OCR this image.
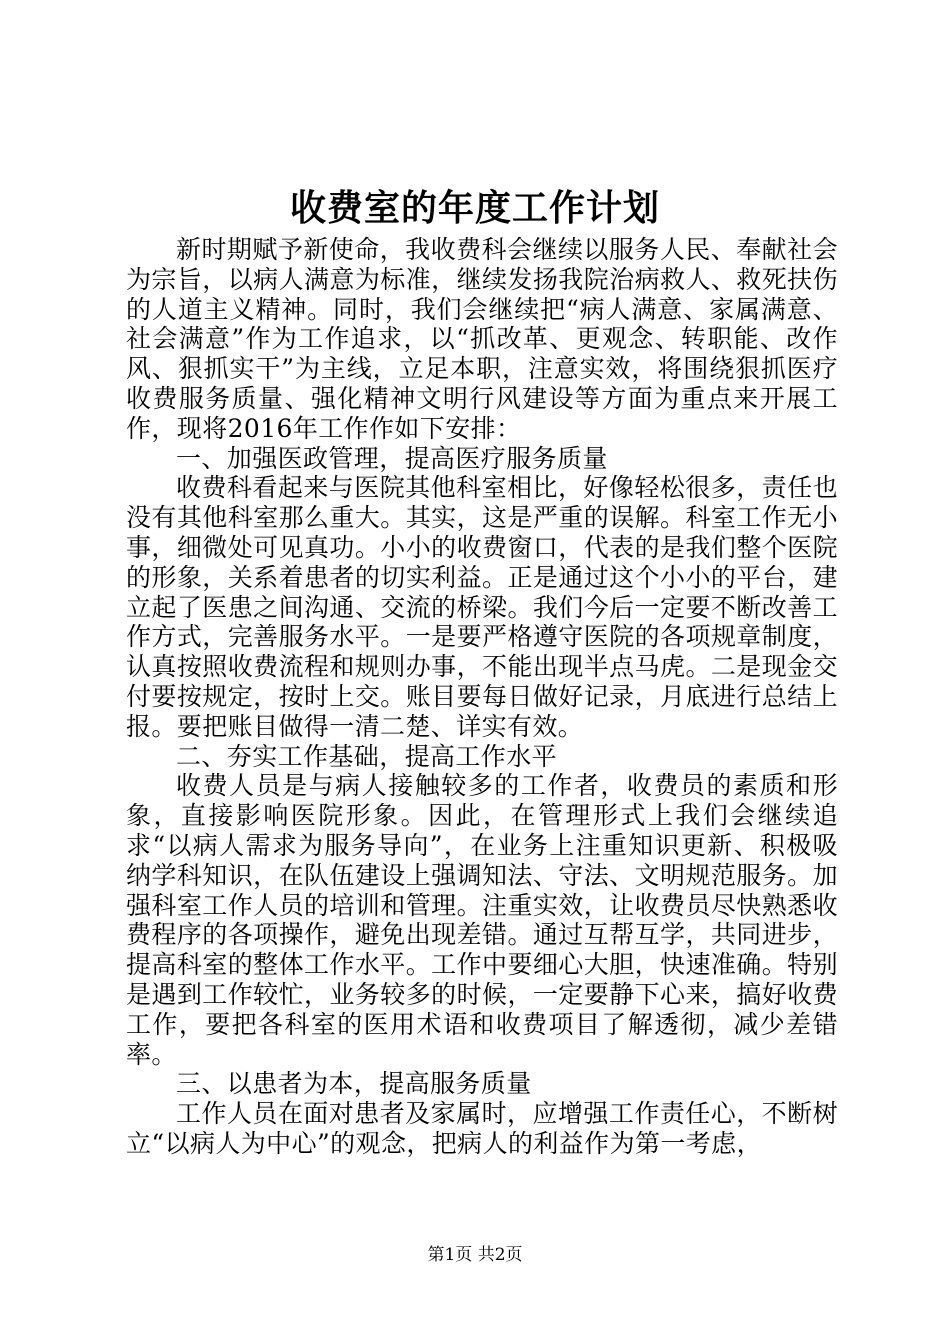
收费室的年度工作计划

新时期赋予新使命，我收费科会继续以服务人民、奉献社会为宗旨，以病人满意为标准，继续发扬我院治病救人、救死扶伤的人道主义精神。同时，我们会继续把“病人满意、家属满意、社会满意”作为工作追求，以“抓改革、更观念、转职能、改作风、狠抓实干”为主线，立足本职，注意实效，将围绕狠抓医疗收费服务质量、强化精神文明行风建设等方面为重点来开展工作，现将2016年工作作如下安排：

一、加强医政管理，提高医疗服务质量

收费科看起来与医院其他科室相比，好像轻松很多，责任也没有其他科室那么重大。其实，这是严重的误解。科室工作无小事，细微处可见真功。小小的收费窗口，代表的是我们整个医院的形象，关系着患者的切实利益。正是通过这个小小的平台，建立起了医患之间沟通、交流的桥梁。我们今后一定要不断改善工作方式，完善服务水平。一是要严格遵守医院的各项规章制度，认真按照收费流程和规则办事，不能出现半点马虎。二是现金交付要按规定，按时上交。账目要每日做好记录，月底进行总结上报。要把账目做得一清二楚、详实有效。

二、夯实工作基础，提高工作水平

收费人员是与病人接触较多的工作者，收费员的素质和形象，直接影响医院形象。因此，在管理形式上我们会继续追求“以病人需求为服务导向”，在业务上注重知识更新、积极吸纳学科知识，在队伍建设上强调知法、守法、文明规范服务。加强科室工作人员的培训和管理。注重实效，让收费员尽快熟悉收费程序的各项操作，避免出现差错。通过互帮互学，共同进步，提高科室的整体工作水平。工作中要细心大胆，快速准确。特别是遇到工作较忙，业务较多的时候，一定要静下心来，搞好收费工作，要把各科室的医用术语和收费项目了解透彻，减少差错率。

三、以患者为本，提高服务质量

工作人员在面对患者及家属时，应增强工作责任心，不断树立“以病人为中心”的观念，把病人的利益作为第一考虑，

第1页 共2页
